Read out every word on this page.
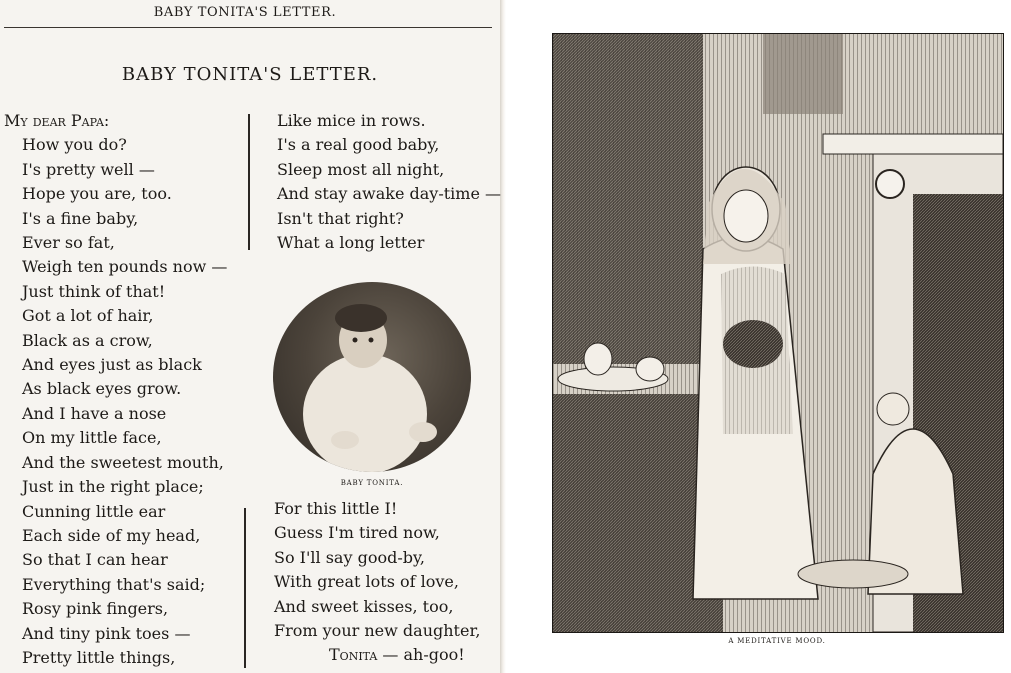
BABY TONITA'S LETTER.
BABY TONITA'S LETTER.
My dear Papa:
How you do?
I's pretty well —
Hope you are, too.
I's a fine baby,
Ever so fat,
Weigh ten pounds now —
Just think of that!
Got a lot of hair,
Black as a crow,
And eyes just as black
As black eyes grow.
And I have a nose
On my little face,
And the sweetest mouth,
Just in the right place;
Cunning little ear
Each side of my head,
So that I can hear
Everything that's said;
Rosy pink fingers,
And tiny pink toes —
Pretty little things,
Like mice in rows.
I's a real good baby,
Sleep most all night,
And stay awake day-time —
Isn't that right?
What a long letter
BABY TONITA.
For this little I!
Guess I'm tired now,
So I'll say good-by,
With great lots of love,
And sweet kisses, too,
From your new daughter,
Tonita — ah-goo!
A MEDITATIVE MOOD.
